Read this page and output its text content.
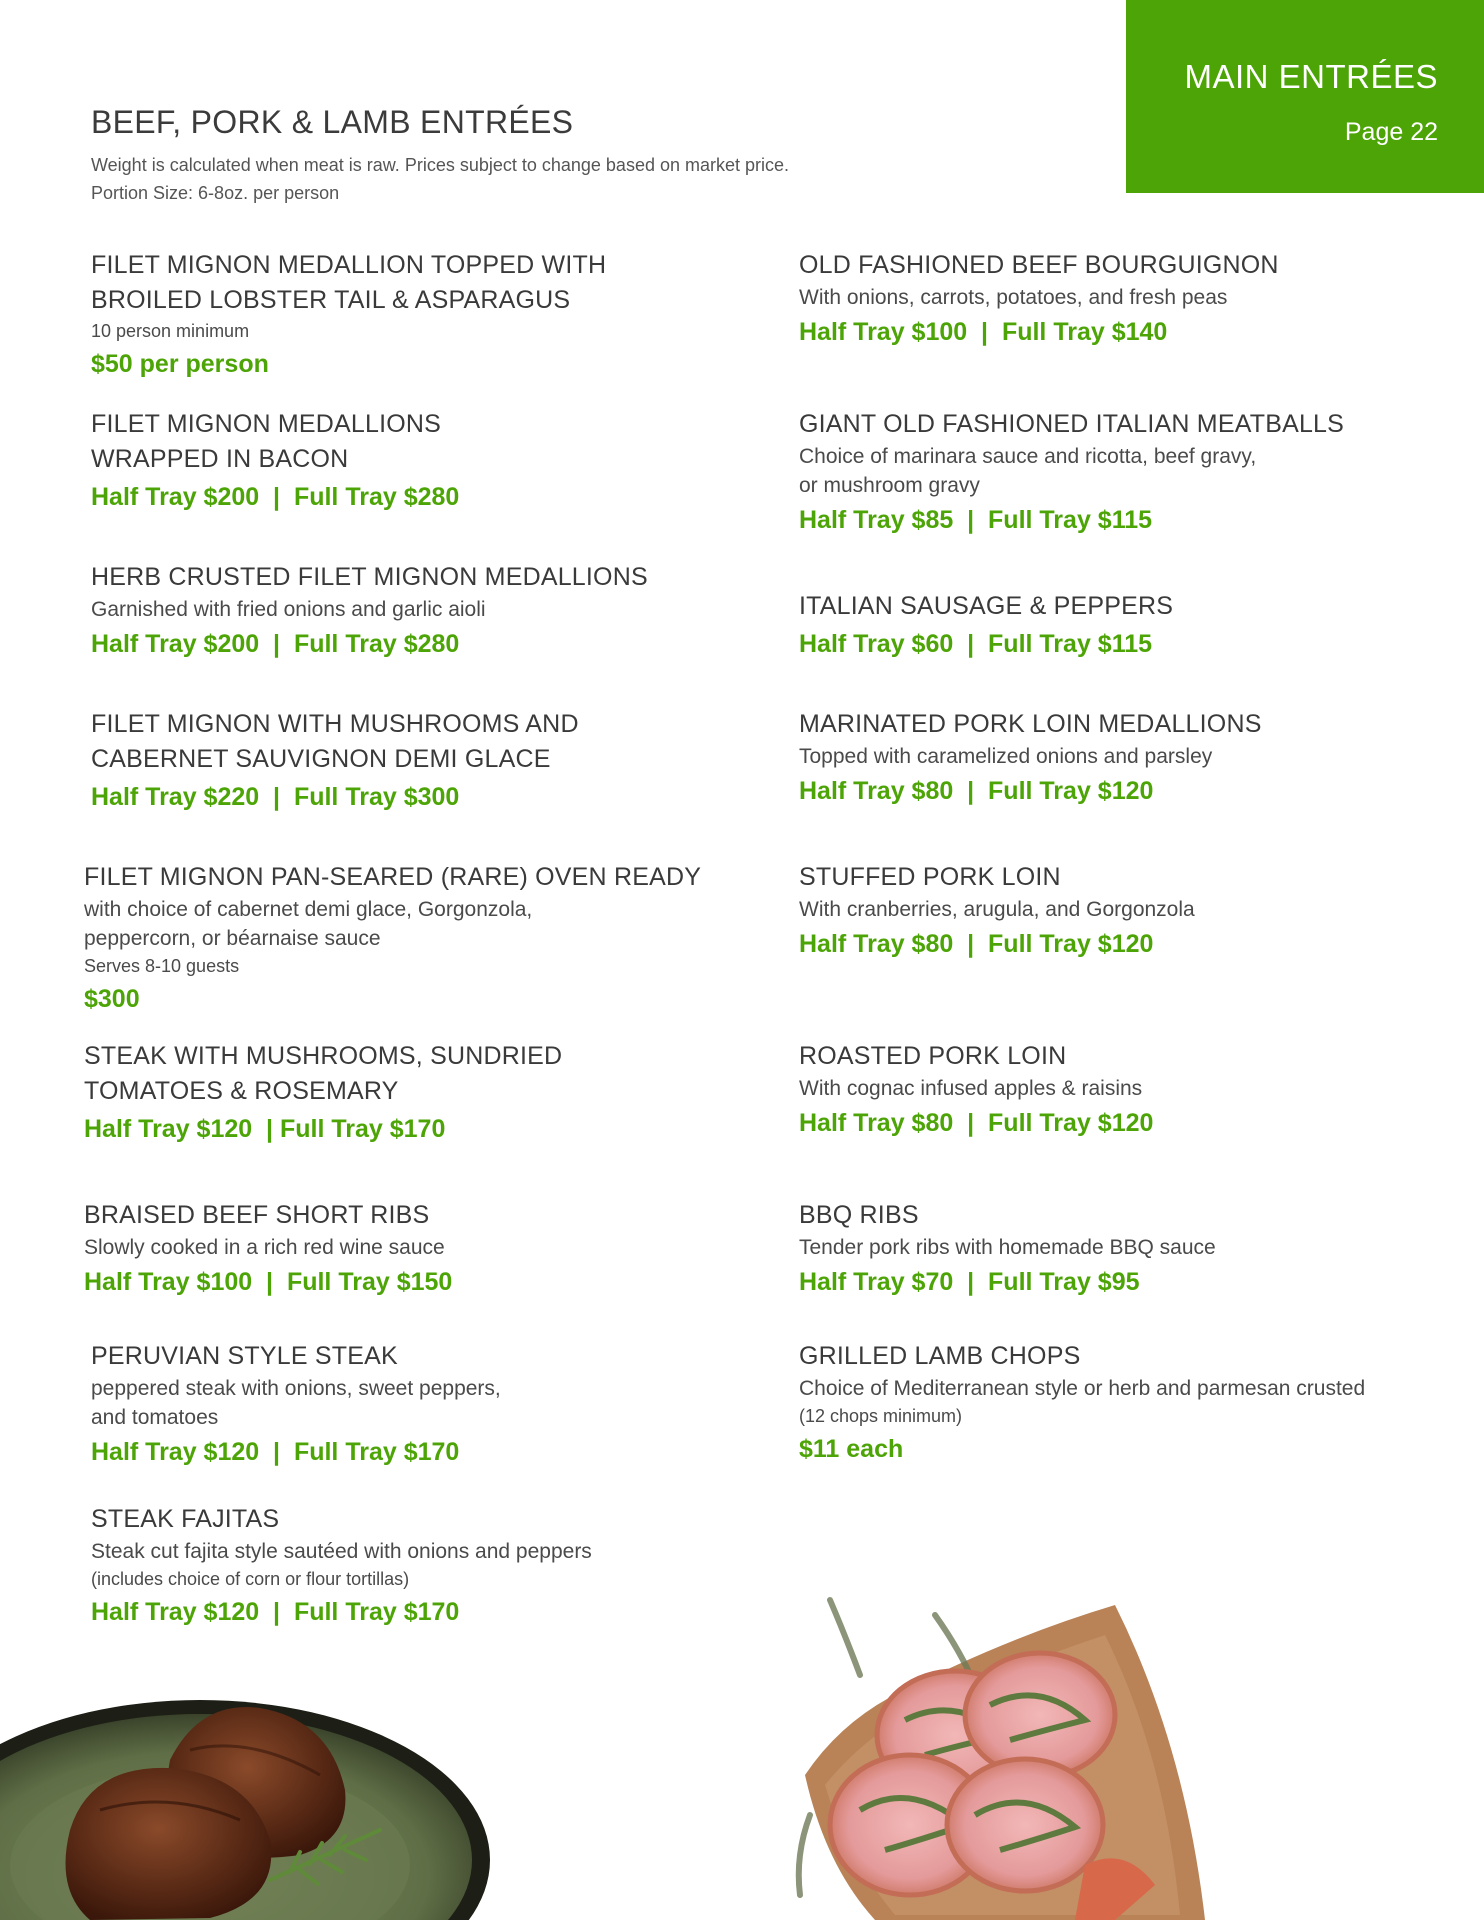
MAIN ENTRÉES
Page 22
BEEF, PORK & LAMB ENTRÉES
Weight is calculated when meat is raw. Prices subject to change based on market price.
Portion Size: 6-8oz. per person
FILET MIGNON MEDALLION TOPPED WITH
BROILED LOBSTER TAIL & ASPARAGUS
10 person minimum
$50 per person
FILET MIGNON MEDALLIONS
WRAPPED IN BACON
Half Tray $200  |  Full Tray $280
HERB CRUSTED FILET MIGNON MEDALLIONS
Garnished with fried onions and garlic aioli
Half Tray $200  |  Full Tray $280
FILET MIGNON WITH MUSHROOMS AND
CABERNET SAUVIGNON DEMI GLACE
Half Tray $220  |  Full Tray $300
FILET MIGNON PAN-SEARED (RARE) OVEN READY
with choice of cabernet demi glace, Gorgonzola,
peppercorn, or béarnaise sauce
Serves 8-10 guests
$300
STEAK WITH MUSHROOMS, SUNDRIED
TOMATOES & ROSEMARY
Half Tray $120  | Full Tray $170
BRAISED BEEF SHORT RIBS
Slowly cooked in a rich red wine sauce
Half Tray $100  |  Full Tray $150
PERUVIAN STYLE STEAK
peppered steak with onions, sweet peppers,
and tomatoes
Half Tray $120  |  Full Tray $170
STEAK FAJITAS
Steak cut fajita style sautéed with onions and peppers
(includes choice of corn or flour tortillas)
Half Tray $120  |  Full Tray $170
OLD FASHIONED BEEF BOURGUIGNON
With onions, carrots, potatoes, and fresh peas
Half Tray $100  |  Full Tray $140
GIANT OLD FASHIONED ITALIAN MEATBALLS
Choice of marinara sauce and ricotta, beef gravy,
or mushroom gravy
Half Tray $85  |  Full Tray $115
ITALIAN SAUSAGE & PEPPERS
Half Tray $60  |  Full Tray $115
MARINATED PORK LOIN MEDALLIONS
Topped with caramelized onions and parsley
Half Tray $80  |  Full Tray $120
STUFFED PORK LOIN
With cranberries, arugula, and Gorgonzola
Half Tray $80  |  Full Tray $120
ROASTED PORK LOIN
With cognac infused apples & raisins
Half Tray $80  |  Full Tray $120
BBQ RIBS
Tender pork ribs with homemade BBQ sauce
Half Tray $70  |  Full Tray $95
GRILLED LAMB CHOPS
Choice of Mediterranean style or herb and parmesan crusted
(12 chops minimum)
$11 each
